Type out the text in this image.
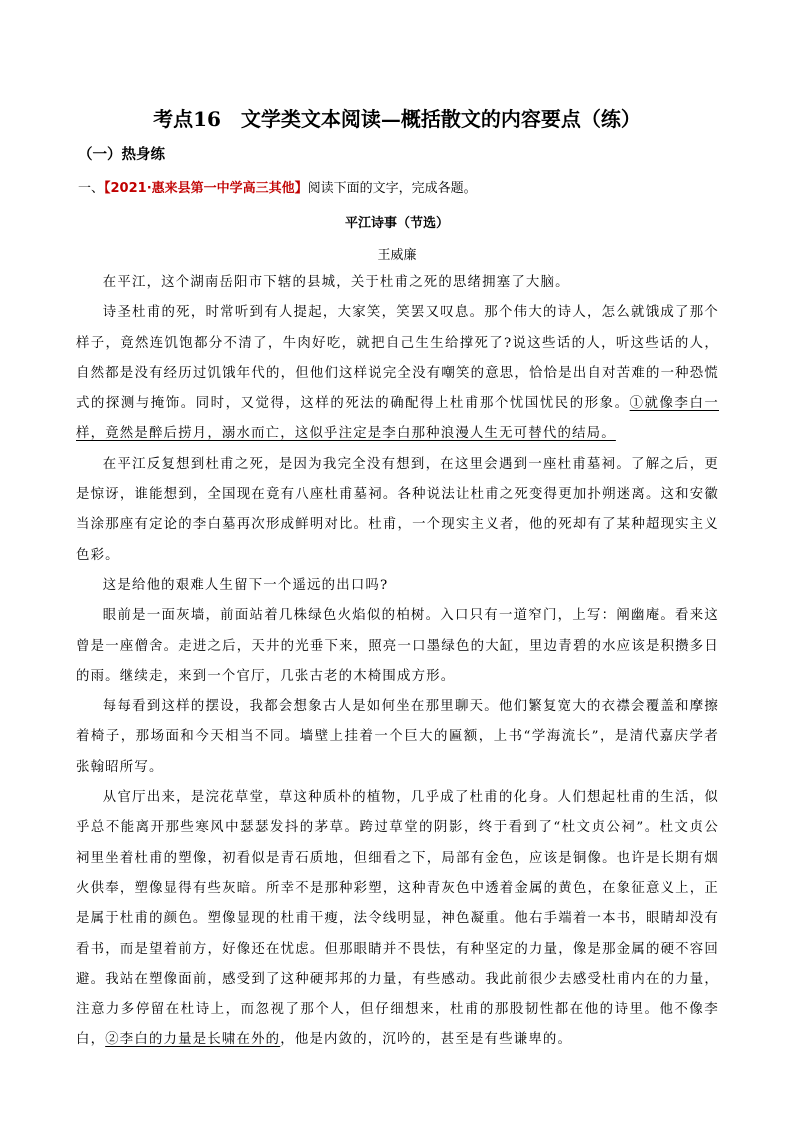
考点16　文学类文本阅读—概括散文的内容要点（练）
（一）热身练
一、【2021·惠来县第一中学高三其他】阅读下面的文字，完成各题。
平江诗事（节选）
王威廉

在平江，这个湖南岳阳市下辖的县城，关于杜甫之死的思绪拥塞了大脑。

诗圣杜甫的死，时常听到有人提起，大家笑，笑罢又叹息。那个伟大的诗人，怎么就饿成了那个样子，竟然连饥饱都分不清了，牛肉好吃，就把自己生生给撑死了?说这些话的人，听这些话的人，自然都是没有经历过饥饿年代的，但他们这样说完全没有嘲笑的意思，恰恰是出自对苦难的一种恐慌式的探测与掩饰。同时，又觉得，这样的死法的确配得上杜甫那个忧国忧民的形象。①就像李白一样，竟然是醉后捞月，溺水而亡，这似乎注定是李白那种浪漫人生无可替代的结局。

在平江反复想到杜甫之死，是因为我完全没有想到，在这里会遇到一座杜甫墓祠。了解之后，更是惊讶，谁能想到，全国现在竟有八座杜甫墓祠。各种说法让杜甫之死变得更加扑朔迷离。这和安徽当涂那座有定论的李白墓再次形成鲜明对比。杜甫，一个现实主义者，他的死却有了某种超现实主义色彩。

这是给他的艰难人生留下一个遥远的出口吗?

眼前是一面灰墙，前面站着几株绿色火焰似的柏树。入口只有一道窄门，上写：阐幽庵。看来这曾是一座僧舍。走进之后，天井的光垂下来，照亮一口墨绿色的大缸，里边青碧的水应该是积攒多日的雨。继续走，来到一个官厅，几张古老的木椅围成方形。

每每看到这样的摆设，我都会想象古人是如何坐在那里聊天。他们繁复宽大的衣襟会覆盖和摩擦着椅子，那场面和今天相当不同。墙壁上挂着一个巨大的匾额，上书“学海流长”，是清代嘉庆学者张翰昭所写。

从官厅出来，是浣花草堂，草这种质朴的植物，几乎成了杜甫的化身。人们想起杜甫的生活，似乎总不能离开那些寒风中瑟瑟发抖的茅草。跨过草堂的阴影，终于看到了“杜文贞公祠”。杜文贞公祠里坐着杜甫的塑像，初看似是青石质地，但细看之下，局部有金色，应该是铜像。也许是长期有烟火供奉，塑像显得有些灰暗。所幸不是那种彩塑，这种青灰色中透着金属的黄色，在象征意义上，正是属于杜甫的颜色。塑像显现的杜甫干瘦，法令线明显，神色凝重。他右手端着一本书，眼睛却没有看书，而是望着前方，好像还在忧虑。但那眼睛并不畏怯，有种坚定的力量，像是那金属的硬不容回避。我站在塑像面前，感受到了这种硬邦邦的力量，有些感动。我此前很少去感受杜甫内在的力量，注意力多停留在杜诗上，而忽视了那个人，但仔细想来，杜甫的那股韧性都在他的诗里。他不像李白，②李白的力量是长啸在外的，他是内敛的，沉吟的，甚至是有些谦卑的。
